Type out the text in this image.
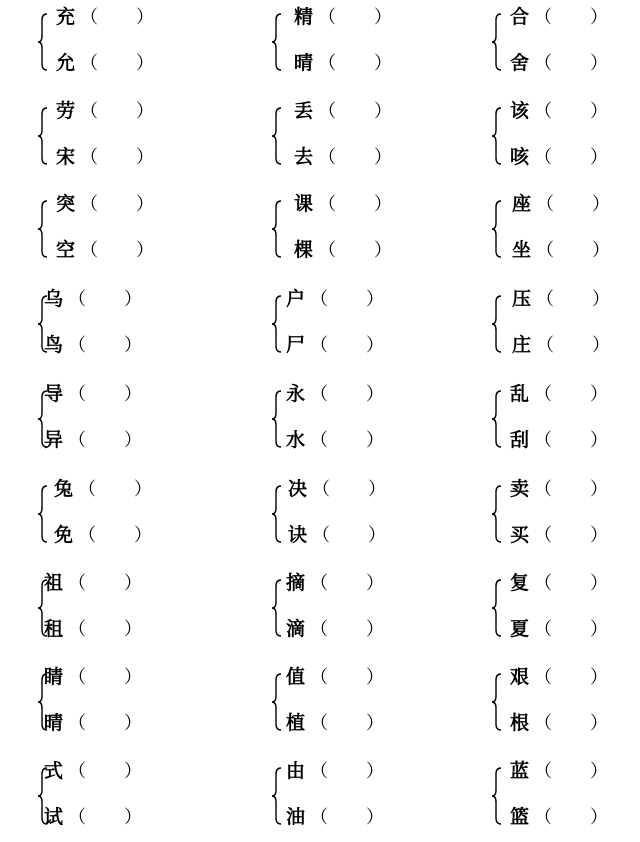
充 （ ）
允 （ ）
精 （ ）
晴 （ ）
合 （ ）
舍 （ ）
劳 （ ）
宋 （ ）
丢 （ ）
去 （ ）
该 （ ）
咳 （ ）
突 （ ）
空 （ ）
课 （ ）
棵 （ ）
座 （ ）
坐 （ ）
乌 （ ）
鸟 （ ）
户 （ ）
尸 （ ）
压 （ ）
庄 （ ）
导 （ ）
异 （ ）
永 （ ）
水 （ ）
乱 （ ）
刮 （ ）
兔 （ ）
免 （ ）
决 （ ）
诀 （ ）
卖 （ ）
买 （ ）
祖 （ ）
租 （ ）
摘 （ ）
滴 （ ）
复 （ ）
夏 （ ）
睛 （ ）
晴 （ ）
值 （ ）
植 （ ）
艰 （ ）
根 （ ）
式 （ ）
试 （ ）
由 （ ）
油 （ ）
蓝 （ ）
篮 （ ）
